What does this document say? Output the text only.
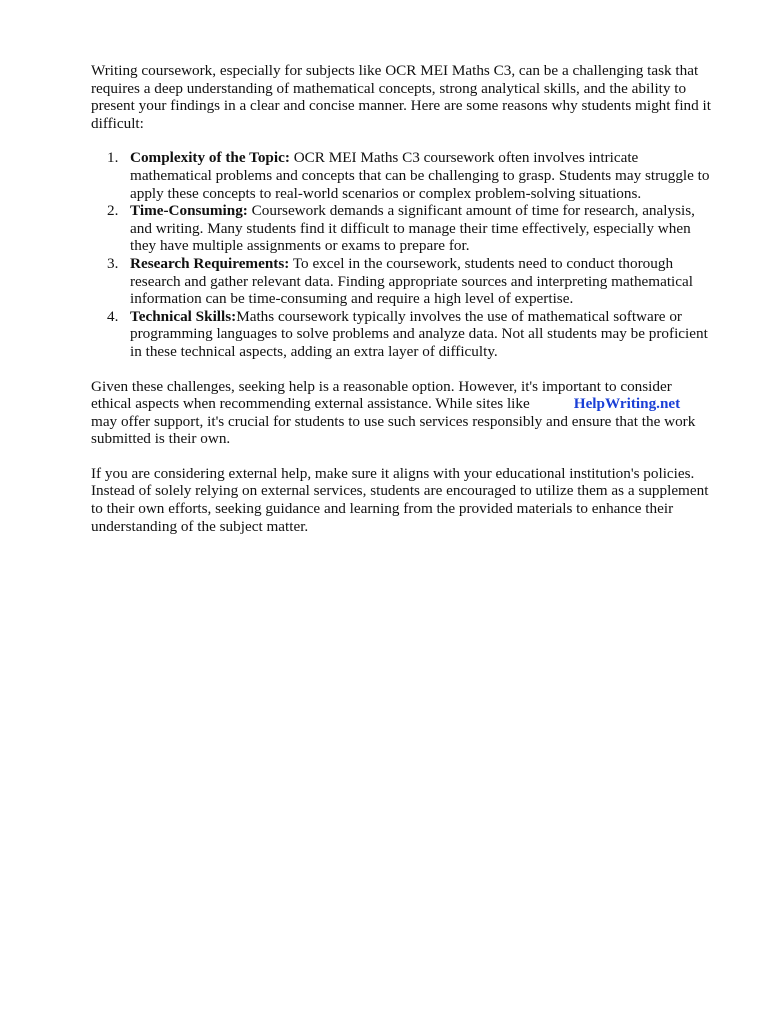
Writing coursework, especially for subjects like OCR MEI Maths C3, can be a challenging task that requires a deep understanding of mathematical concepts, strong analytical skills, and the ability to present your findings in a clear and concise manner. Here are some reasons why students might find it difficult:

1. Complexity of the Topic: OCR MEI Maths C3 coursework often involves intricate mathematical problems and concepts that can be challenging to grasp. Students may struggle to apply these concepts to real-world scenarios or complex problem-solving situations.
2. Time-Consuming: Coursework demands a significant amount of time for research, analysis, and writing. Many students find it difficult to manage their time effectively, especially when they have multiple assignments or exams to prepare for.
3. Research Requirements: To excel in the coursework, students need to conduct thorough research and gather relevant data. Finding appropriate sources and interpreting mathematical information can be time-consuming and require a high level of expertise.
4. Technical Skills:Maths coursework typically involves the use of mathematical software or programming languages to solve problems and analyze data. Not all students may be proficient in these technical aspects, adding an extra layer of difficulty.

Given these challenges, seeking help is a reasonable option. However, it's important to consider ethical aspects when recommending external assistance. While sites like	HelpWriting.net
may offer support, it's crucial for students to use such services responsibly and ensure that the work submitted is their own.

If you are considering external help, make sure it aligns with your educational institution's policies. Instead of solely relying on external services, students are encouraged to utilize them as a supplement to their own efforts, seeking guidance and learning from the provided materials to enhance their understanding of the subject matter.
